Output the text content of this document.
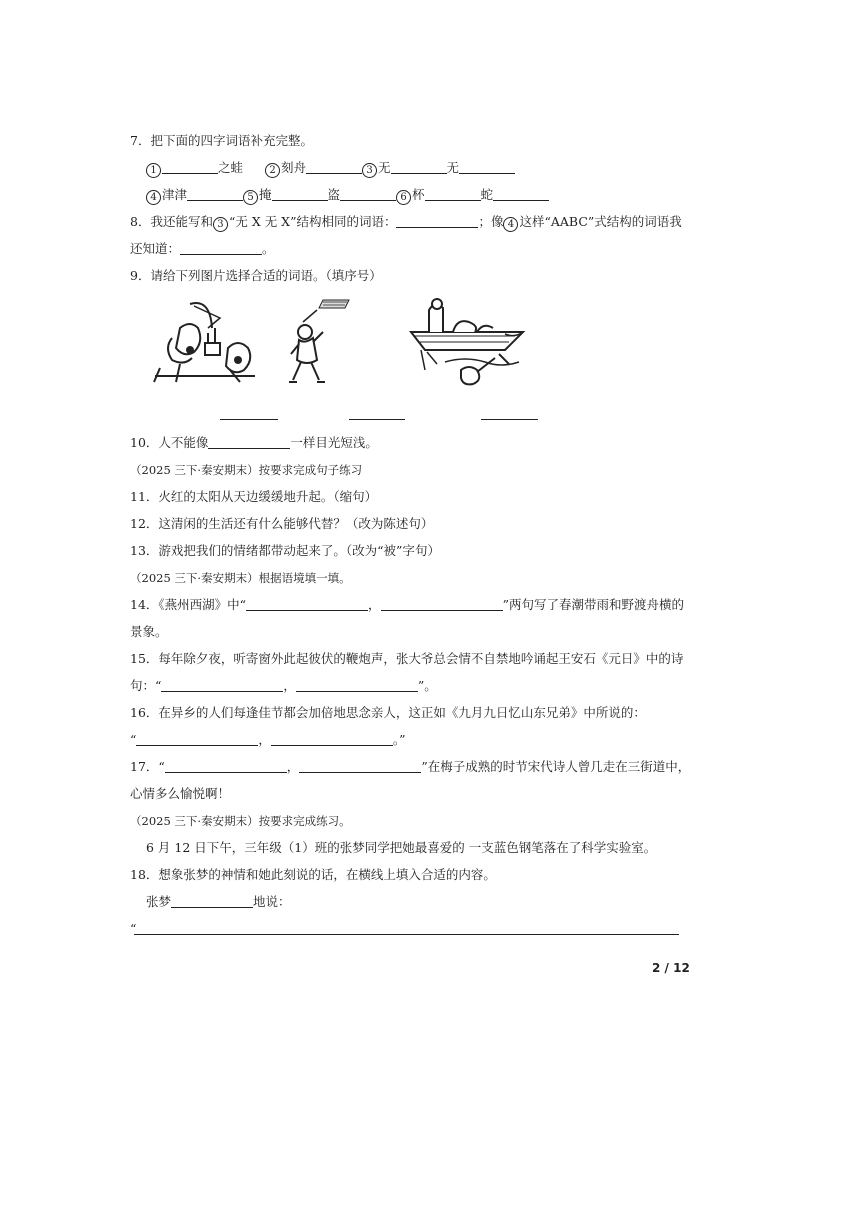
7．把下面的四字词语补充完整。
1	之蛙	2 刻舟	3 无	无
4 津津	5 掩	盗	6 杯	蛇
8．我还能写和 3 “无 X 无 X”结构相同的词语：	；像 4 这样“AABC”式结构的词语我
还知道：	。
9．请给下列图片选择合适的词语。（填序号）
10．人不能像	一样目光短浅。
（2025 三下·秦安期末）按要求完成句子练习
11．火红的太阳从天边缓缓地升起。（缩句）
12．这清闲的生活还有什么能够代替？（改为陈述句）
13．游戏把我们的情绪都带动起来了。（改为“被”字句）
（2025 三下·秦安期末）根据语境填一填。
14．《燕州西湖》中“	，	”两句写了春潮带雨和野渡舟横的
景象。
15．每年除夕夜，听寄窗外此起彼伏的鞭炮声，张大爷总会情不自禁地吟诵起王安石《元日》中的诗
句：“	，	”。
16．在异乡的人们每逢佳节都会加倍地思念亲人，这正如《九月九日忆山东兄弟》中所说的：
“	，	。”
17．“	，	”在梅子成熟的时节宋代诗人曾几走在三街道中，
心情多么愉悦啊！
（2025 三下·秦安期末）按要求完成练习。
6 月 12 日下午，三年级（1）班的张梦同学把她最喜爱的 一支蓝色钢笔落在了科学实验室。
18．想象张梦的神情和她此刻说的话，在横线上填入合适的内容。
张梦	地说：
“
2 / 12
